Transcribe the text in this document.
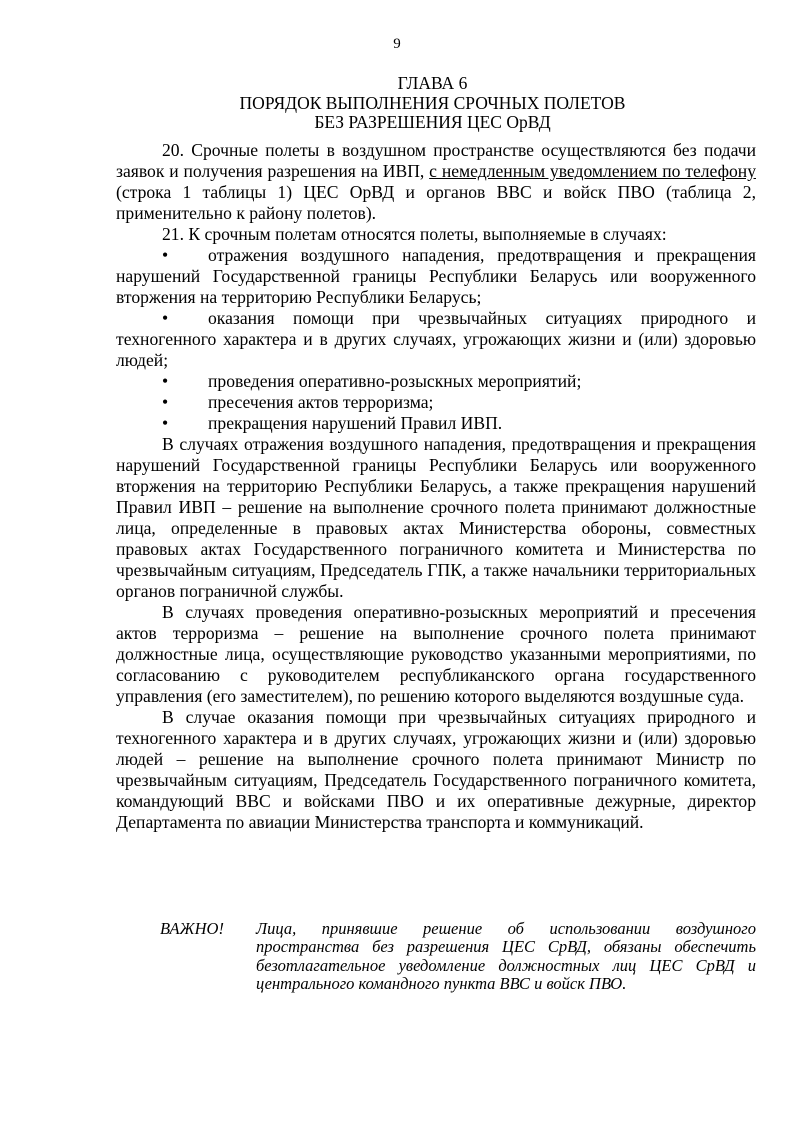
9
ГЛАВА 6
ПОРЯДОК ВЫПОЛНЕНИЯ СРОЧНЫХ ПОЛЕТОВ
БЕЗ РАЗРЕШЕНИЯ ЦЕС ОрВД

20. Срочные полеты в воздушном пространстве осуществляются без подачи заявок и получения разрешения на ИВП, с немедленным уведомлением по телефону (строка 1 таблицы 1) ЦЕС ОрВД и органов ВВС и войск ПВО (таблица 2, применительно к району полетов).

21. К срочным полетам относятся полеты, выполняемые в случаях:

• отражения воздушного нападения, предотвращения и прекращения нарушений Государственной границы Республики Беларусь или вооруженного вторжения на территорию Республики Беларусь;
• оказания помощи при чрезвычайных ситуациях природного и техногенного характера и в других случаях, угрожающих жизни и (или) здоровью людей;
• проведения оперативно-розыскных мероприятий;
• пресечения актов терроризма;
• прекращения нарушений Правил ИВП.

В случаях отражения воздушного нападения, предотвращения и прекращения нарушений Государственной границы Республики Беларусь или вооруженного вторжения на территорию Республики Беларусь, а также прекращения нарушений Правил ИВП – решение на выполнение срочного полета принимают должностные лица, определенные в правовых актах Министерства обороны, совместных правовых актах Государственного пограничного комитета и Министерства по чрезвычайным ситуациям, Председатель ГПК, а также начальники территориальных органов пограничной службы.

В случаях проведения оперативно-розыскных мероприятий и пресечения актов терроризма – решение на выполнение срочного полета принимают должностные лица, осуществляющие руководство указанными мероприятиями, по согласованию с руководителем республиканского органа государственного управления (его заместителем), по решению которого выделяются воздушные суда.

В случае оказания помощи при чрезвычайных ситуациях природного и техногенного характера и в других случаях, угрожающих жизни и (или) здоровью людей – решение на выполнение срочного полета принимают Министр по чрезвычайным ситуациям, Председатель Государственного пограничного комитета, командующий ВВС и войсками ПВО и их оперативные дежурные, директор Департамента по авиации Министерства транспорта и коммуникаций.

ВАЖНО!	Лица, принявшие решение об использовании воздушного пространства без разрешения ЦЕС СрВД, обязаны обеспечить безотлагательное уведомление должностных лиц ЦЕС СрВД и центрального командного пункта ВВС и войск ПВО.
